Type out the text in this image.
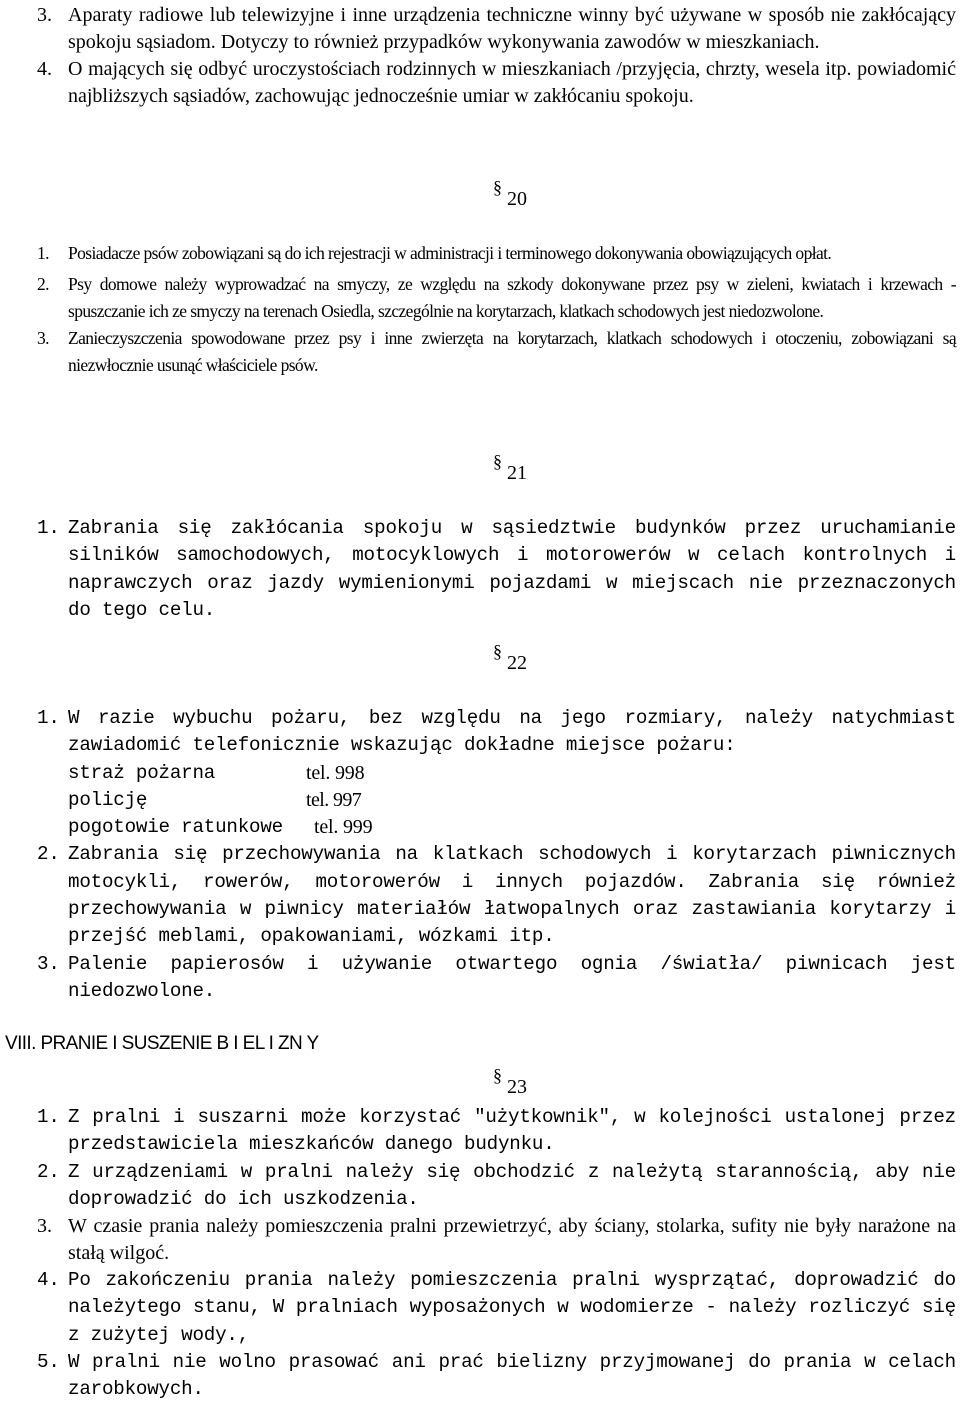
3. Aparaty radiowe lub telewizyjne i inne urządzenia techniczne winny być używane w sposób nie zakłócający spokoju sąsiadom. Dotyczy to również przypadków wykonywania zawodów w mieszkaniach.

4. O mających się odbyć uroczystościach rodzinnych w mieszkaniach /przyjęcia, chrzty, wesela itp. powiadomić najbliższych sąsiadów, zachowując jednocześnie umiar w zakłócaniu spokoju.

§20

1. Posiadacze psów zobowiązani są do ich rejestracji w administracji i terminowego dokonywania obowiązujących opłat.

2. Psy domowe należy wyprowadzać na smyczy, ze względu na szkody dokonywane przez psy w zieleni, kwiatach i krzewach - spuszczanie ich ze smyczy na terenach Osiedla, szczególnie na korytarzach, klatkach schodowych jest niedozwolone.

3. Zanieczyszczenia spowodowane przez psy i inne zwierzęta na korytarzach, klatkach schodowych i otoczeniu, zobowiązani są niezwłocznie usunąć właściciele psów.

§21

1. Zabrania się zakłócania spokoju w sąsiedztwie budynków przez uruchamianie silników samochodowych, motocyklowych i motorowerów w celach kontrolnych i naprawczych oraz jazdy wymienionymi pojazdami w miejscach nie przeznaczonych do tego celu.

§22
1. W razie wybuchu pożaru, bez względu na jego rozmiary, należy natychmiast zawiadomić telefonicznie wskazując dokładne miejsce pożaru:
straż pożarna	tel. 998
policję	tel. 997
pogotowie ratunkowe	tel. 999

2. Zabrania się przechowywania na klatkach schodowych i korytarzach piwnicznych motocykli, rowerów, motorowerów i innych pojazdów. Zabrania się również przechowywania w piwnicy materiałów łatwopalnych oraz zastawiania korytarzy i przejść meblami, opakowaniami, wózkami itp.

3. Palenie papierosów i używanie otwartego ognia /światła/ piwnicach jest niedozwolone.

VIII. PRANIE I SUSZENIE B I EL I ZN Y
§23

1. Z pralni i suszarni może korzystać "użytkownik", w kolejności ustalonej przez przedstawiciela mieszkańców danego budynku.

2. Z urządzeniami w pralni należy się obchodzić z należytą starannością, aby nie doprowadzić do ich uszkodzenia.

3. W czasie prania należy pomieszczenia pralni przewietrzyć, aby ściany, stolarka, sufity nie były narażone na stałą wilgoć.

4. Po zakończeniu prania należy pomieszczenia pralni wysprzątać, doprowadzić do należytego stanu, W pralniach wyposażonych w wodomierze - należy rozliczyć się z zużytej wody.,

5. W pralni nie wolno prasować ani prać bielizny przyjmowanej do prania w celach zarobkowych.
